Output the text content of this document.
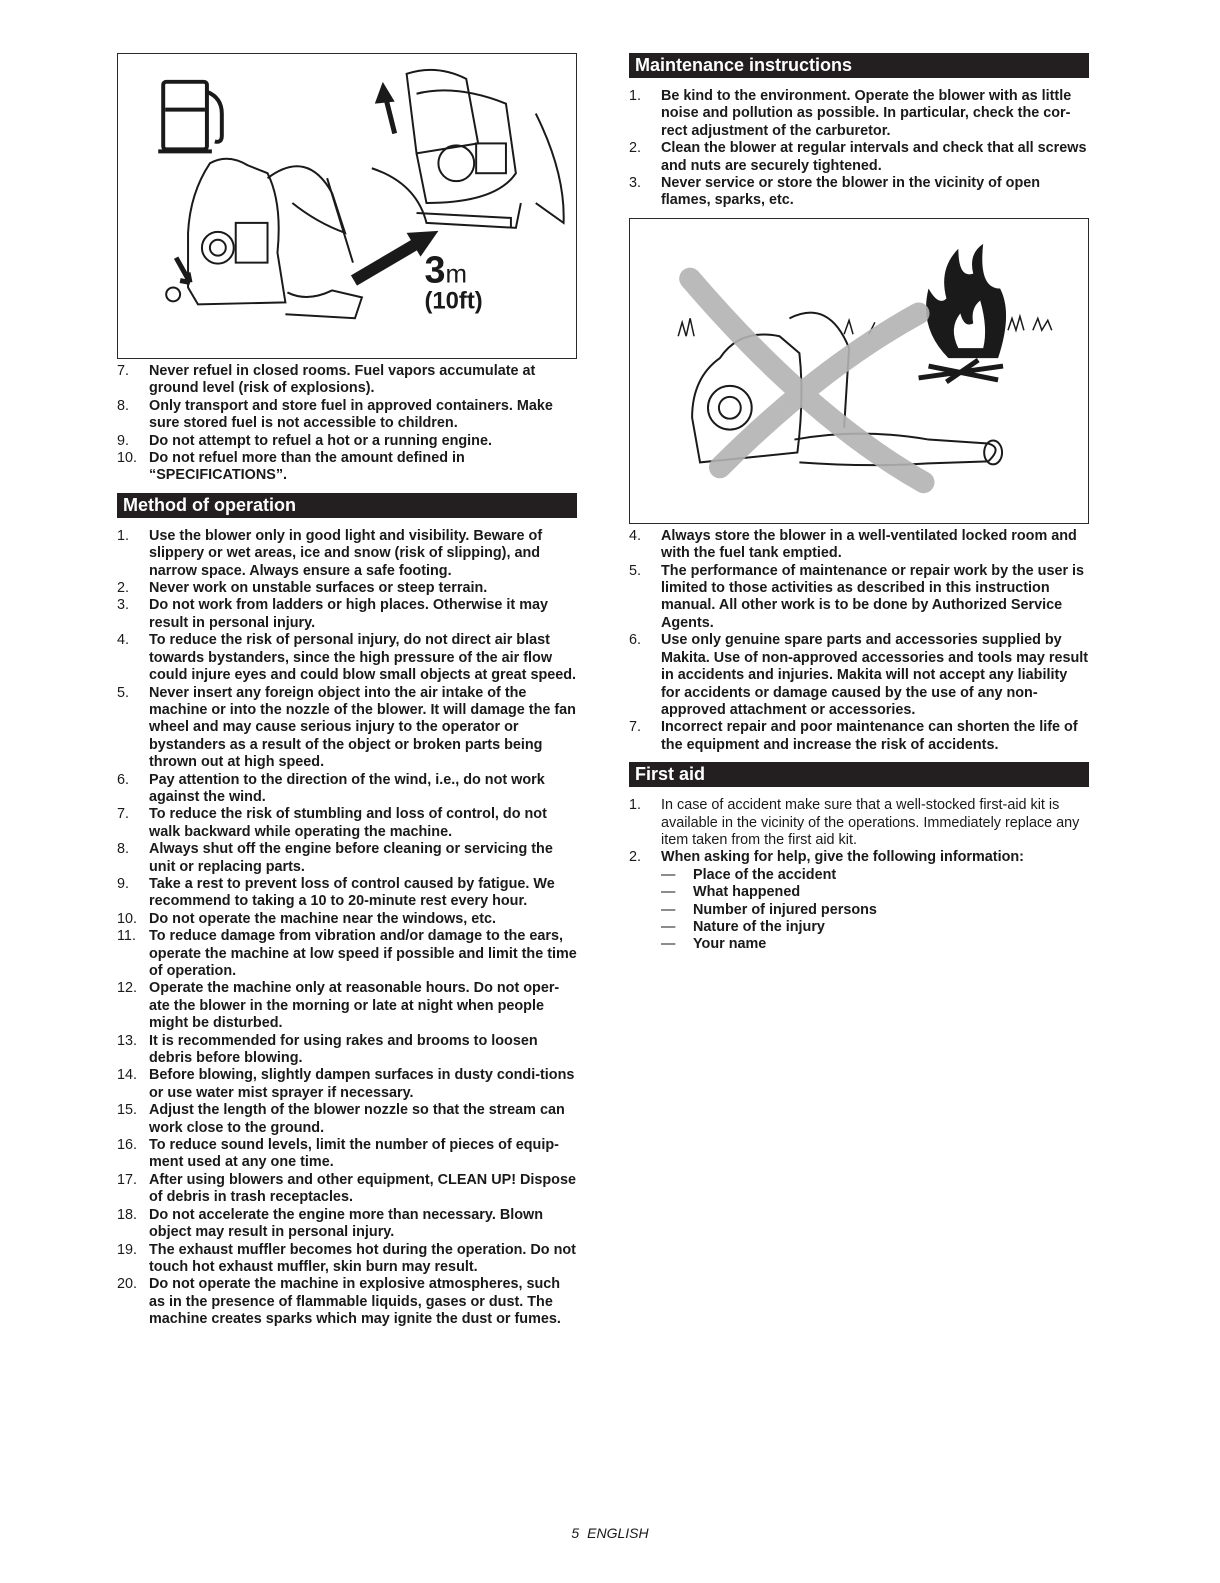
3m
(10ft)
7. Never refuel in closed rooms. Fuel vapors accumulate at ground level (risk of explosions).
8. Only transport and store fuel in approved containers. Make sure stored fuel is not accessible to children.
9. Do not attempt to refuel a hot or a running engine.
10. Do not refuel more than the amount defined in “SPECIFICATIONS”.
Method of operation
1. Use the blower only in good light and visibility. Beware of slippery or wet areas, ice and snow (risk of slipping), and narrow space. Always ensure a safe footing.
2. Never work on unstable surfaces or steep terrain.
3. Do not work from ladders or high places. Otherwise it may result in personal injury.
4. To reduce the risk of personal injury, do not direct air blast towards bystanders, since the high pressure of the air flow could injure eyes and could blow small objects at great speed.
5. Never insert any foreign object into the air intake of the machine or into the nozzle of the blower. It will damage the fan wheel and may cause serious injury to the operator or bystanders as a result of the object or broken parts being thrown out at high speed.
6. Pay attention to the direction of the wind, i.e., do not work against the wind.
7. To reduce the risk of stumbling and loss of control, do not walk backward while operating the machine.
8. Always shut off the engine before cleaning or servicing the unit or replacing parts.
9. Take a rest to prevent loss of control caused by fatigue. We recommend to taking a 10 to 20-minute rest every hour.
10. Do not operate the machine near the windows, etc.
11. To reduce damage from vibration and/or damage to the ears, operate the machine at low speed if possible and limit the time of operation.
12. Operate the machine only at reasonable hours. Do not oper-ate the blower in the morning or late at night when people might be disturbed.
13. It is recommended for using rakes and brooms to loosen debris before blowing.
14. Before blowing, slightly dampen surfaces in dusty condi-tions or use water mist sprayer if necessary.
15. Adjust the length of the blower nozzle so that the stream can work close to the ground.
16. To reduce sound levels, limit the number of pieces of equip-ment used at any one time.
17. After using blowers and other equipment, CLEAN UP! Dispose of debris in trash receptacles.
18. Do not accelerate the engine more than necessary. Blown object may result in personal injury.
19. The exhaust muffler becomes hot during the operation. Do not touch hot exhaust muffler, skin burn may result.
20. Do not operate the machine in explosive atmospheres, such as in the presence of flammable liquids, gases or dust. The machine creates sparks which may ignite the dust or fumes.
Maintenance instructions
1. Be kind to the environment. Operate the blower with as little noise and pollution as possible. In particular, check the cor-rect adjustment of the carburetor.
2. Clean the blower at regular intervals and check that all screws and nuts are securely tightened.
3. Never service or store the blower in the vicinity of open flames, sparks, etc.
4. Always store the blower in a well-ventilated locked room and with the fuel tank emptied.
5. The performance of maintenance or repair work by the user is limited to those activities as described in this instruction manual. All other work is to be done by Authorized Service Agents.
6. Use only genuine spare parts and accessories supplied by Makita. Use of non-approved accessories and tools may result in accidents and injuries. Makita will not accept any liability for accidents or damage caused by the use of any non-approved attachment or accessories.
7. Incorrect repair and poor maintenance can shorten the life of the equipment and increase the risk of accidents.
First aid
1. In case of accident make sure that a well-stocked first-aid kit is available in the vicinity of the operations. Immediately replace any item taken from the first aid kit.
2. When asking for help, give the following information:
— Place of the accident
— What happened
— Number of injured persons
— Nature of the injury
— Your name
5 ENGLISH
